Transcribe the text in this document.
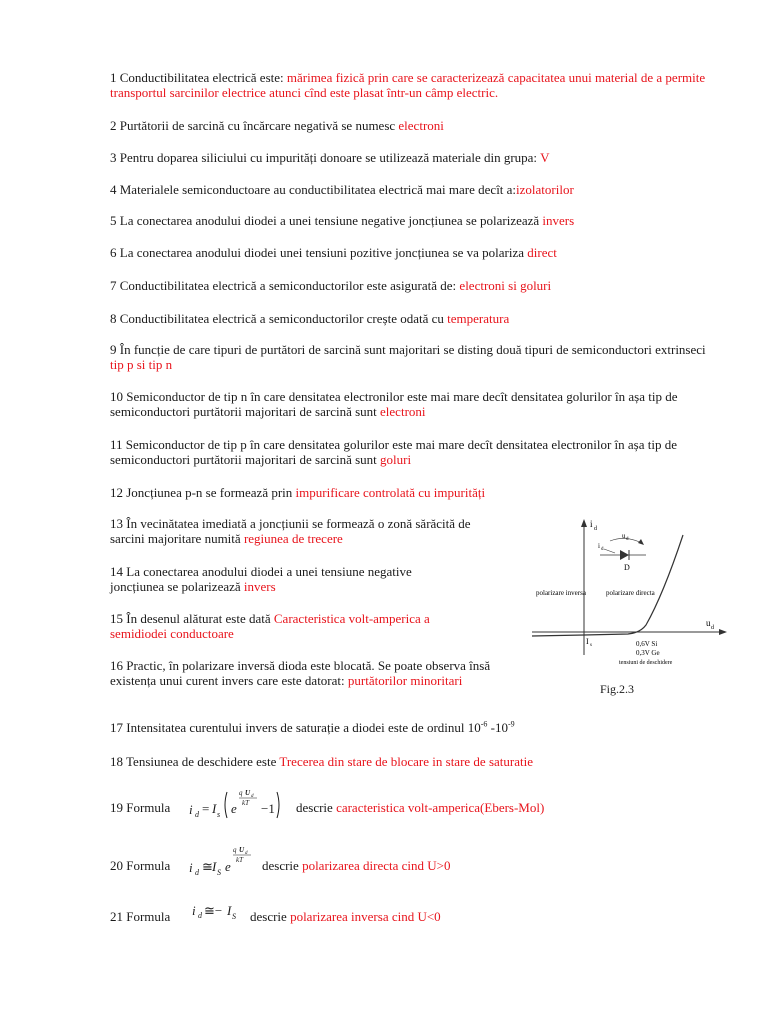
1 Conductibilitatea electrică este: mărimea fizică prin care se caracterizează capacitatea unui material de a permite transportul sarcinilor electrice atunci cînd este plasat într-un câmp electric.
2 Purtătorii de sarcină cu încărcare negativă se numesc electroni
3 Pentru doparea siliciului cu impurități donoare se utilizează materiale din grupa: V
4 Materialele semiconductoare au conductibilitatea electrică mai mare decît a:izolatorilor
5 La conectarea anodului diodei a unei tensiune negative joncțiunea se polarizează invers
6 La conectarea anodului diodei unei tensiuni pozitive joncțiunea se va polariza direct
7 Conductibilitatea electrică a semiconductorilor este asigurată de: electroni si goluri
8 Conductibilitatea electrică a semiconductorilor crește odată cu temperatura
9 În funcție de care tipuri de purtători de sarcină sunt majoritari se disting două tipuri de semiconductori extrinseci tip p si tip n
10 Semiconductor de tip n în care densitatea electronilor este mai mare decît densitatea golurilor în așa tip de semiconductori purtătorii majoritari de sarcină sunt electroni
11 Semiconductor de tip p în care densitatea golurilor este mai mare decît densitatea electronilor în așa tip de semiconductori purtătorii majoritari de sarcină sunt goluri
12 Joncțiunea p-n se formează prin impurificare controlată cu impurități
13 În vecinătatea imediată a joncțiunii se formează o zonă sărăcită de sarcini majoritare numită regiunea de trecere
14 La conectarea anodului diodei a unei tensiune negative joncțiunea se polarizează invers
15 În desenul alăturat este dată Caracteristica volt-amperica a semidiodei conductoare
16 Practic, în polarizare inversă dioda este blocată. Se poate observa însă existența unui curent invers care este datorat: purtătorilor minoritari
17 Intensitatea curentului invers de saturație a diodei este de ordinul $10^{-6}$ $-10^{-9}$
18 Tensiunea de deschidere este Trecerea din stare de blocare in stare de saturatie
19 Formula i d = I s e
q U d
kT −1 descrie caracteristica volt-amperica(Ebers-Mol)
20 Formula i d ≅ I S e
q U d
kT descrie polarizarea directa cind U>0
21 Formula i d ≅− I S descrie polarizarea inversa cind U<0
i d
u d
polarizare inversa	polarizare directa
I s	0,6V Si
0,3V Ge
tensiuni de deschidere
u d
i d
D
Fig.2.3
